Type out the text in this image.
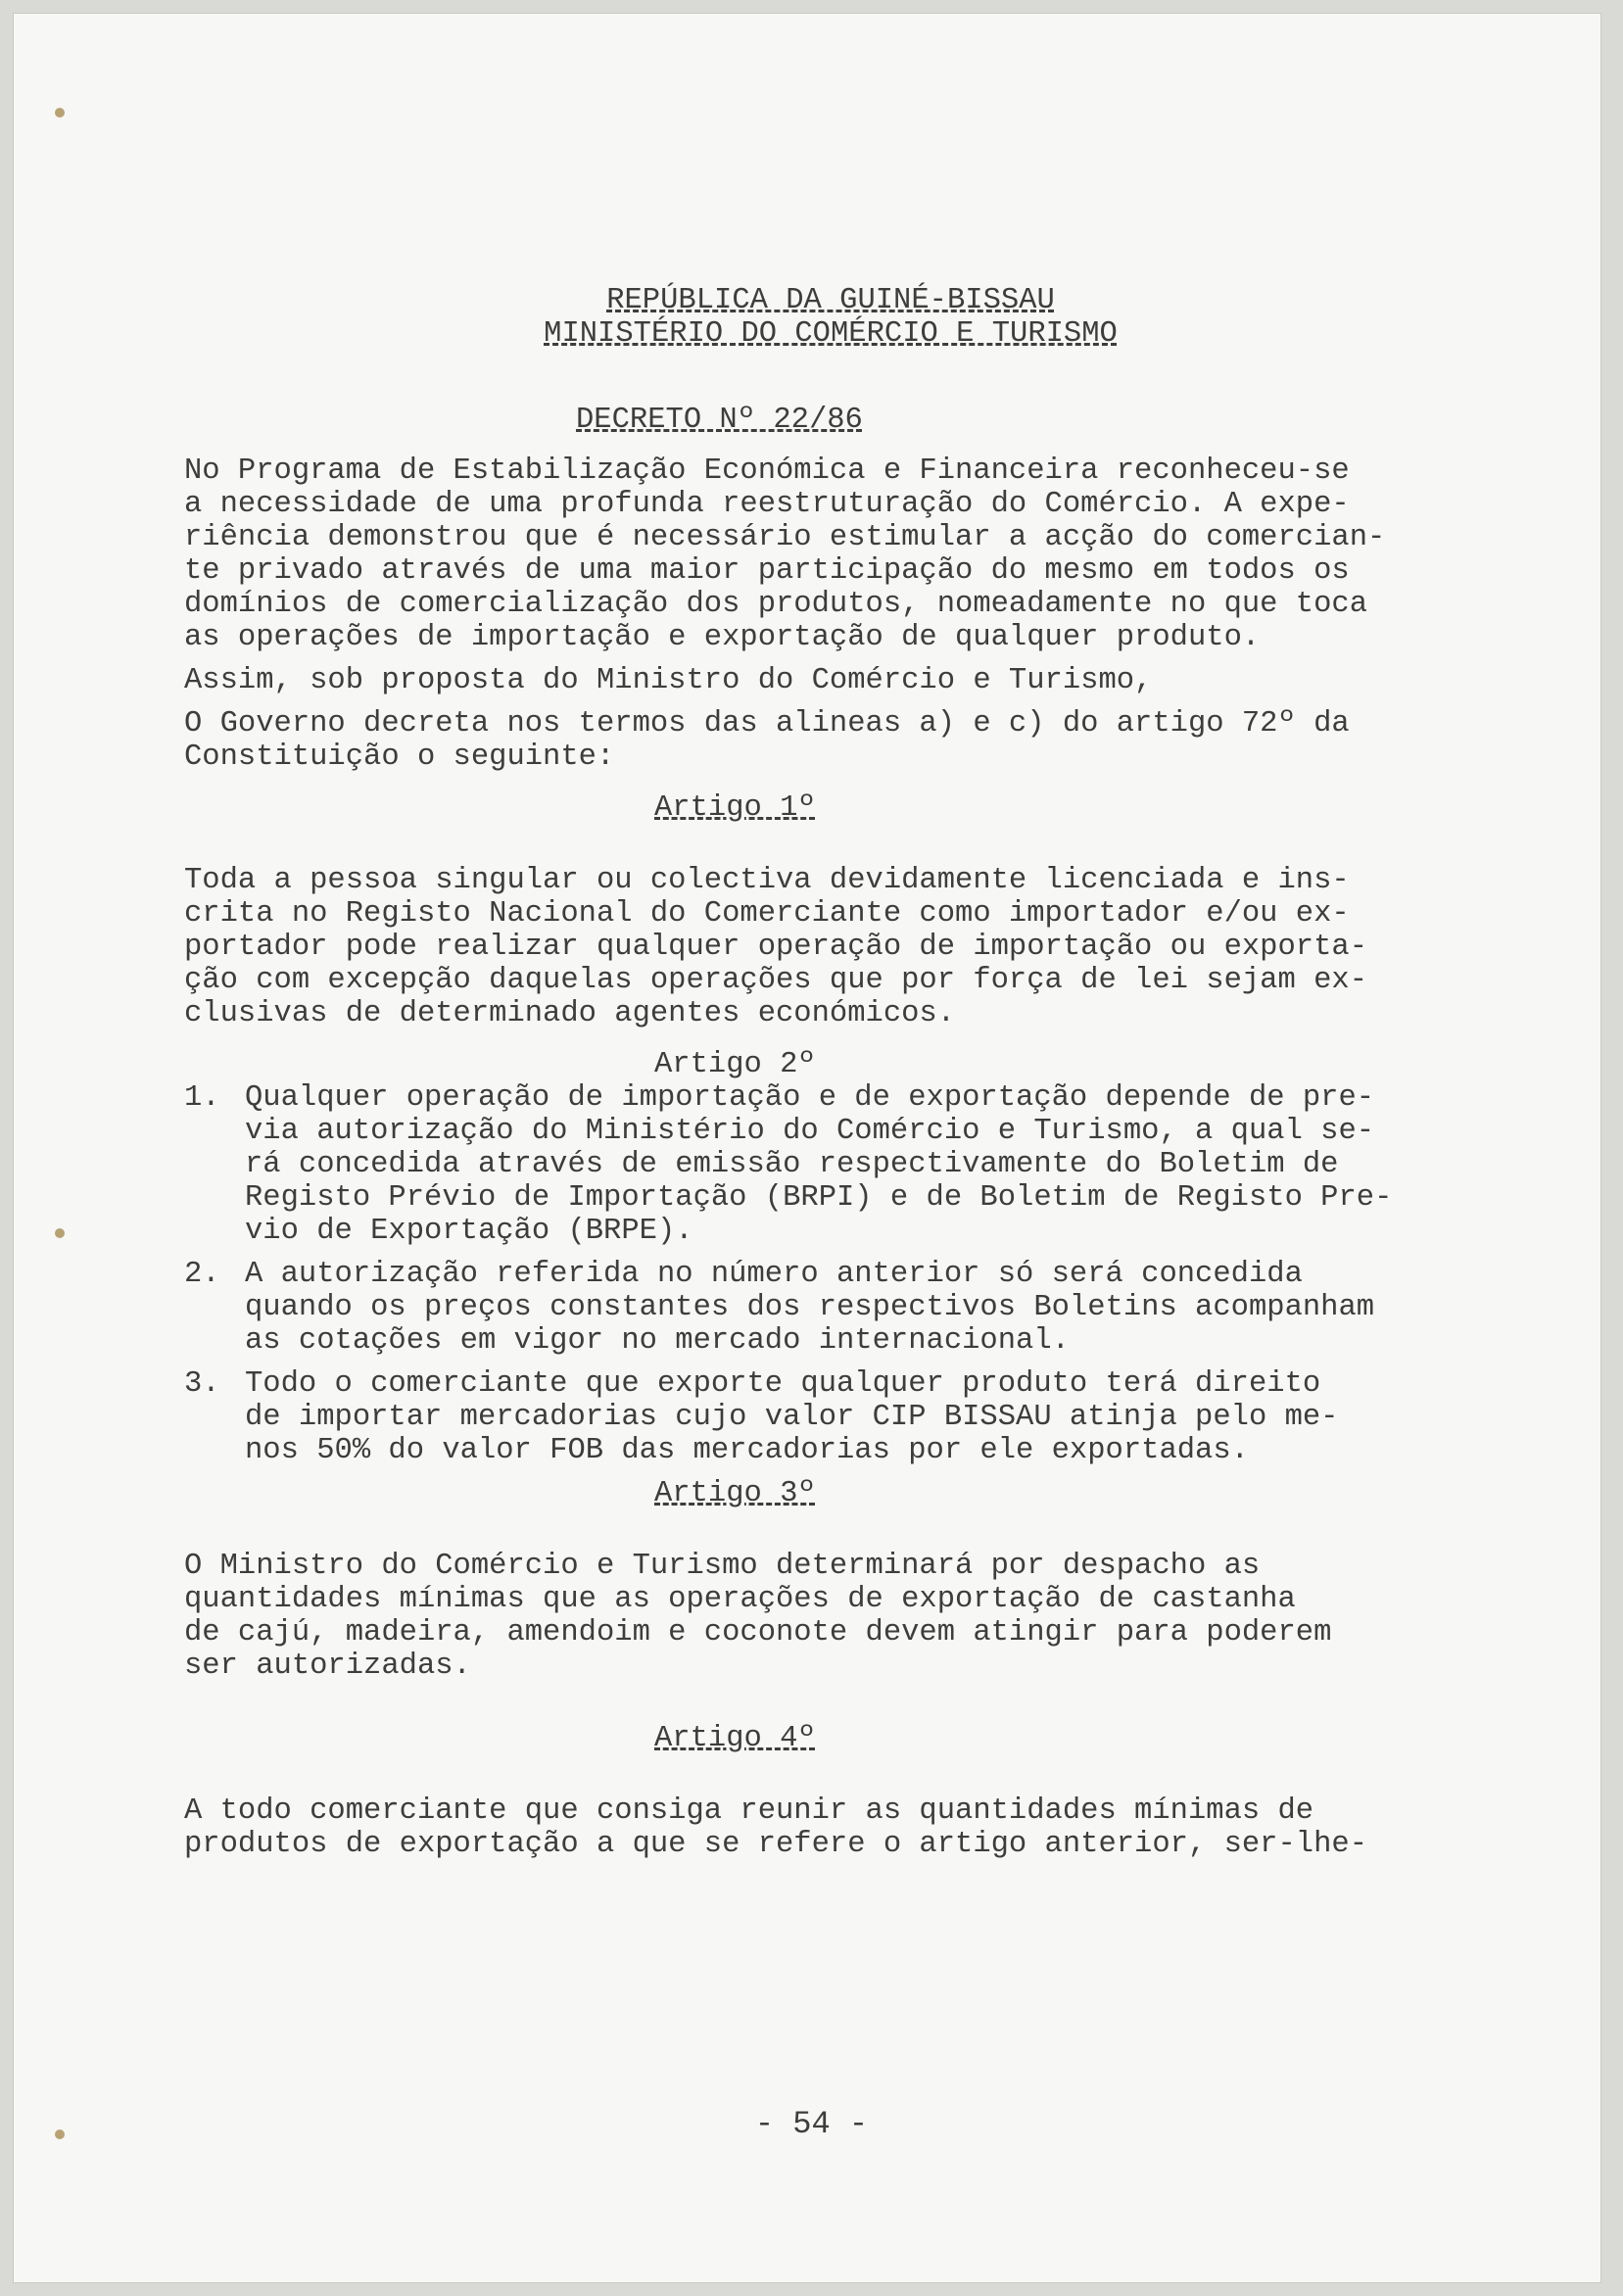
REPÚBLICA DA GUINÉ-BISSAU
MINISTÉRIO DO COMÉRCIO E TURISMO
DECRETO Nº 22/86

No Programa de Estabilização Económica e Financeira reconheceu-se
a necessidade de uma profunda reestruturação do Comércio. A expe-
riência demonstrou que é necessário estimular a acção do comercian-
te privado através de uma maior participação do mesmo em todos os
domínios de comercialização dos produtos, nomeadamente no que toca
as operações de importação e exportação de qualquer produto.

Assim, sob proposta do Ministro do Comércio e Turismo,

O Governo decreta nos termos das alineas a) e c) do artigo 72º da
Constituição o seguinte:

Artigo 1º

Toda a pessoa singular ou colectiva devidamente licenciada e ins-
crita no Registo Nacional do Comerciante como importador e/ou ex-
portador pode realizar qualquer operação de importação ou exporta-
ção com excepção daquelas operações que por força de lei sejam ex-
clusivas de determinado agentes económicos.

Artigo 2º
1. Qualquer operação de importação e de exportação depende de pre-
via autorização do Ministério do Comércio e Turismo, a qual se-
rá concedida através de emissão respectivamente do Boletim de
Registo Prévio de Importação (BRPI) e de Boletim de Registo Pre-
vio de Exportação (BRPE).
2. A autorização referida no número anterior só será concedida
quando os preços constantes dos respectivos Boletins acompanham
as cotações em vigor no mercado internacional.
3. Todo o comerciante que exporte qualquer produto terá direito
de importar mercadorias cujo valor CIP BISSAU atinja pelo me-
nos 50% do valor FOB das mercadorias por ele exportadas.
Artigo 3º

O Ministro do Comércio e Turismo determinará por despacho as
quantidades mínimas que as operações de exportação de castanha
de cajú, madeira, amendoim e coconote devem atingir para poderem
ser autorizadas.

Artigo 4º

A todo comerciante que consiga reunir as quantidades mínimas de
produtos de exportação a que se refere o artigo anterior, ser-lhe-

- 54 -
